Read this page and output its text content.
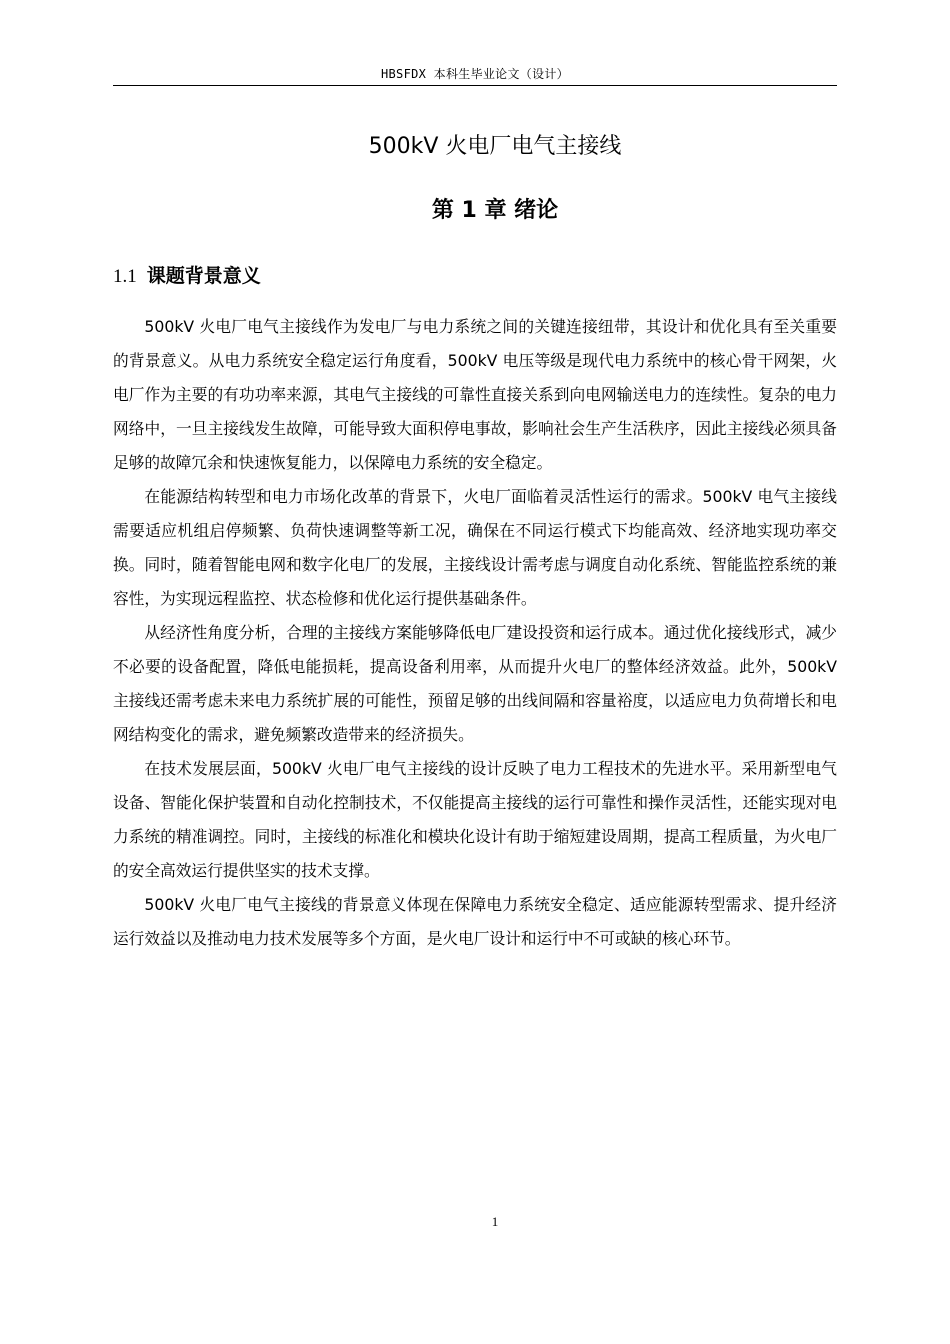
HBSFDX 本科生毕业论文（设计）
500kV 火电厂电气主接线
第 1 章 绪论
1.1 课题背景意义

500kV 火电厂电气主接线作为发电厂与电力系统之间的关键连接纽带，其设计和优化具有至关重要的背景意义。从电力系统安全稳定运行角度看，500kV 电压等级是现代电力系统中的核心骨干网架，火电厂作为主要的有功功率来源，其电气主接线的可靠性直接关系到向电网输送电力的连续性。复杂的电力网络中，一旦主接线发生故障，可能导致大面积停电事故，影响社会生产生活秩序，因此主接线必须具备足够的故障冗余和快速恢复能力，以保障电力系统的安全稳定。

在能源结构转型和电力市场化改革的背景下，火电厂面临着灵活性运行的需求。500kV 电气主接线需要适应机组启停频繁、负荷快速调整等新工况，确保在不同运行模式下均能高效、经济地实现功率交换。同时，随着智能电网和数字化电厂的发展，主接线设计需考虑与调度自动化系统、智能监控系统的兼容性，为实现远程监控、状态检修和优化运行提供基础条件。

从经济性角度分析，合理的主接线方案能够降低电厂建设投资和运行成本。通过优化接线形式，减少不必要的设备配置，降低电能损耗，提高设备利用率，从而提升火电厂的整体经济效益。此外，500kV 主接线还需考虑未来电力系统扩展的可能性，预留足够的出线间隔和容量裕度，以适应电力负荷增长和电网结构变化的需求，避免频繁改造带来的经济损失。

在技术发展层面，500kV 火电厂电气主接线的设计反映了电力工程技术的先进水平。采用新型电气设备、智能化保护装置和自动化控制技术，不仅能提高主接线的运行可靠性和操作灵活性，还能实现对电力系统的精准调控。同时，主接线的标准化和模块化设计有助于缩短建设周期，提高工程质量，为火电厂的安全高效运行提供坚实的技术支撑。

500kV 火电厂电气主接线的背景意义体现在保障电力系统安全稳定、适应能源转型需求、提升经济运行效益以及推动电力技术发展等多个方面，是火电厂设计和运行中不可或缺的核心环节。

1
